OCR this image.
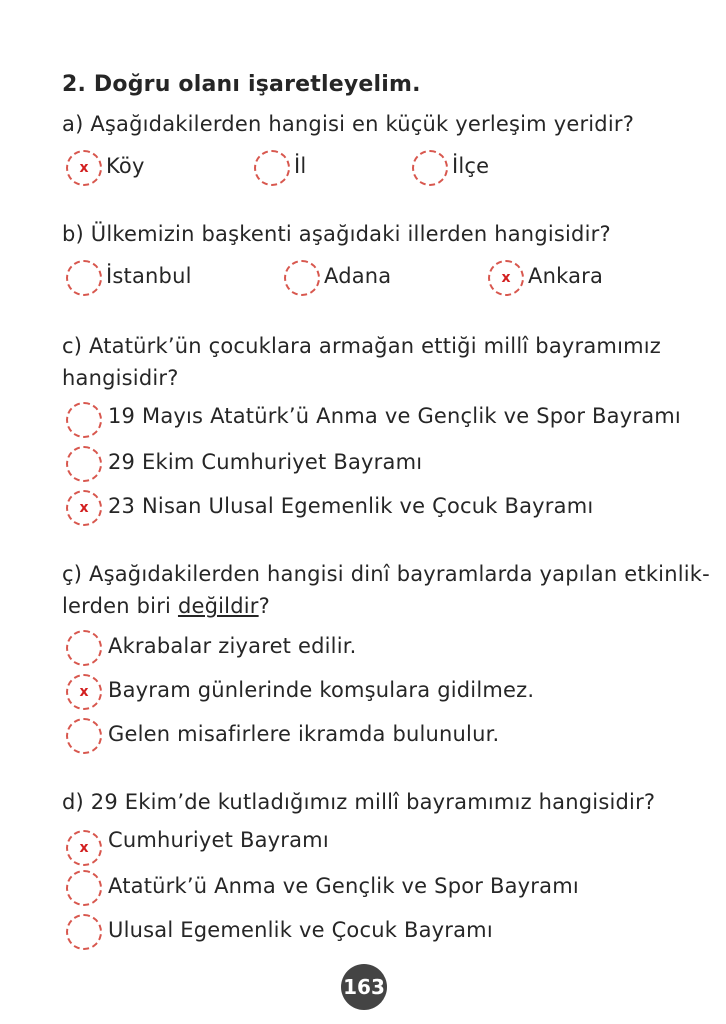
2. Doğru olanı işaretleyelim.
a) Aşağıdakilerden hangisi en küçük yerleşim yeridir?
x Köy	İl	İlçe
b) Ülkemizin başkenti aşağıdaki illerden hangisidir?
İstanbul	Adana	x Ankara
c) Atatürk’ün çocuklara armağan ettiği millî bayramımız
hangisidir?
19 Mayıs Atatürk’ü Anma ve Gençlik ve Spor Bayramı
29 Ekim Cumhuriyet Bayramı
x 23 Nisan Ulusal Egemenlik ve Çocuk Bayramı
ç) Aşağıdakilerden hangisi dinî bayramlarda yapılan etkinlik-
lerden biri değildir?
Akrabalar ziyaret edilir.
x Bayram günlerinde komşulara gidilmez.
Gelen misafirlere ikramda bulunulur.
d) 29 Ekim’de kutladığımız millî bayramımız hangisidir?
x Cumhuriyet Bayramı
Atatürk’ü Anma ve Gençlik ve Spor Bayramı
Ulusal Egemenlik ve Çocuk Bayramı
163
